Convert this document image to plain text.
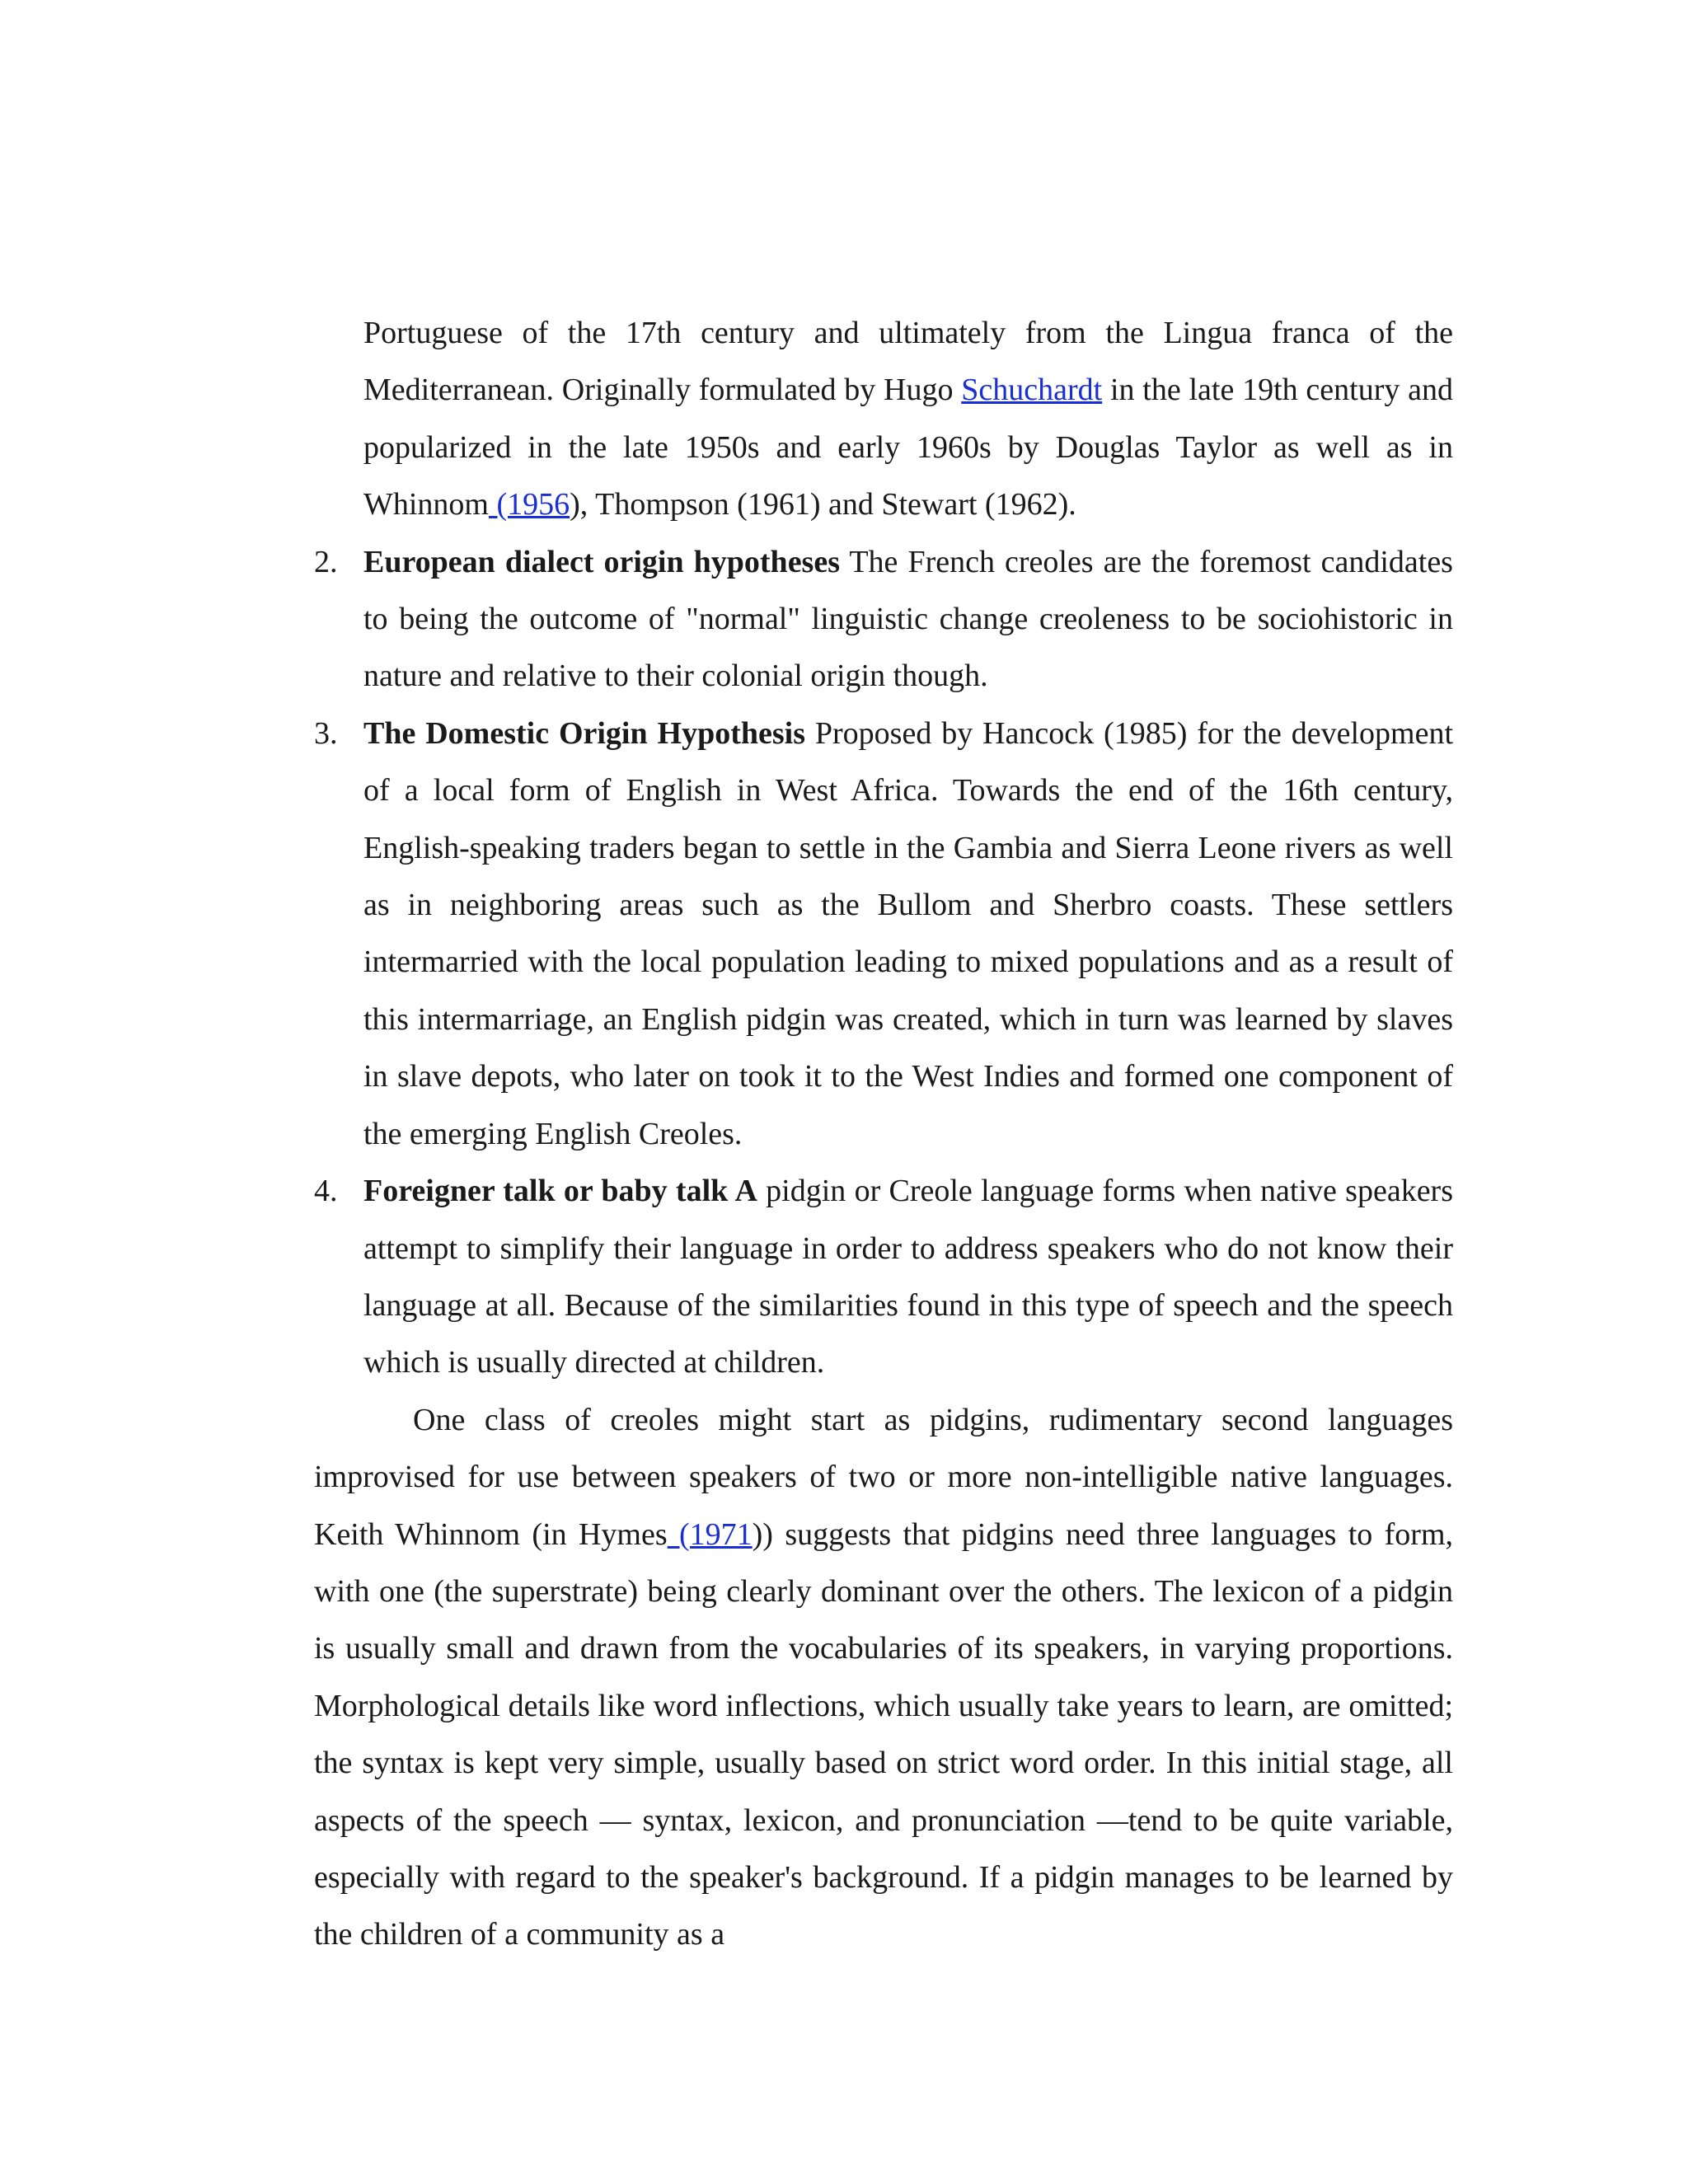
Portuguese of the 17th century and ultimately from the Lingua franca of the Mediterranean. Originally formulated by Hugo Schuchardt in the late 19th century and popularized in the late 1950s and early 1960s by Douglas Taylor as well as in Whinnom (1956), Thompson (1961) and Stewart (1962).
2. European dialect origin hypotheses The French creoles are the foremost candidates to being the outcome of "normal" linguistic change creoleness to be sociohistoric in nature and relative to their colonial origin though.
3. The Domestic Origin Hypothesis Proposed by Hancock (1985) for the development of a local form of English in West Africa. Towards the end of the 16th century, English-speaking traders began to settle in the Gambia and Sierra Leone rivers as well as in neighboring areas such as the Bullom and Sherbro coasts. These settlers intermarried with the local population leading to mixed populations and as a result of this intermarriage, an English pidgin was created, which in turn was learned by slaves in slave depots, who later on took it to the West Indies and formed one component of the emerging English Creoles.
4. Foreigner talk or baby talk A pidgin or Creole language forms when native speakers attempt to simplify their language in order to address speakers who do not know their language at all. Because of the similarities found in this type of speech and the speech which is usually directed at children.
One class of creoles might start as pidgins, rudimentary second languages improvised for use between speakers of two or more non-intelligible native languages. Keith Whinnom (in Hymes (1971)) suggests that pidgins need three languages to form, with one (the superstrate) being clearly dominant over the others. The lexicon of a pidgin is usually small and drawn from the vocabularies of its speakers, in varying proportions. Morphological details like word inflections, which usually take years to learn, are omitted; the syntax is kept very simple, usually based on strict word order. In this initial stage, all aspects of the speech — syntax, lexicon, and pronunciation —tend to be quite variable, especially with regard to the speaker's background. If a pidgin manages to be learned by the children of a community as a
